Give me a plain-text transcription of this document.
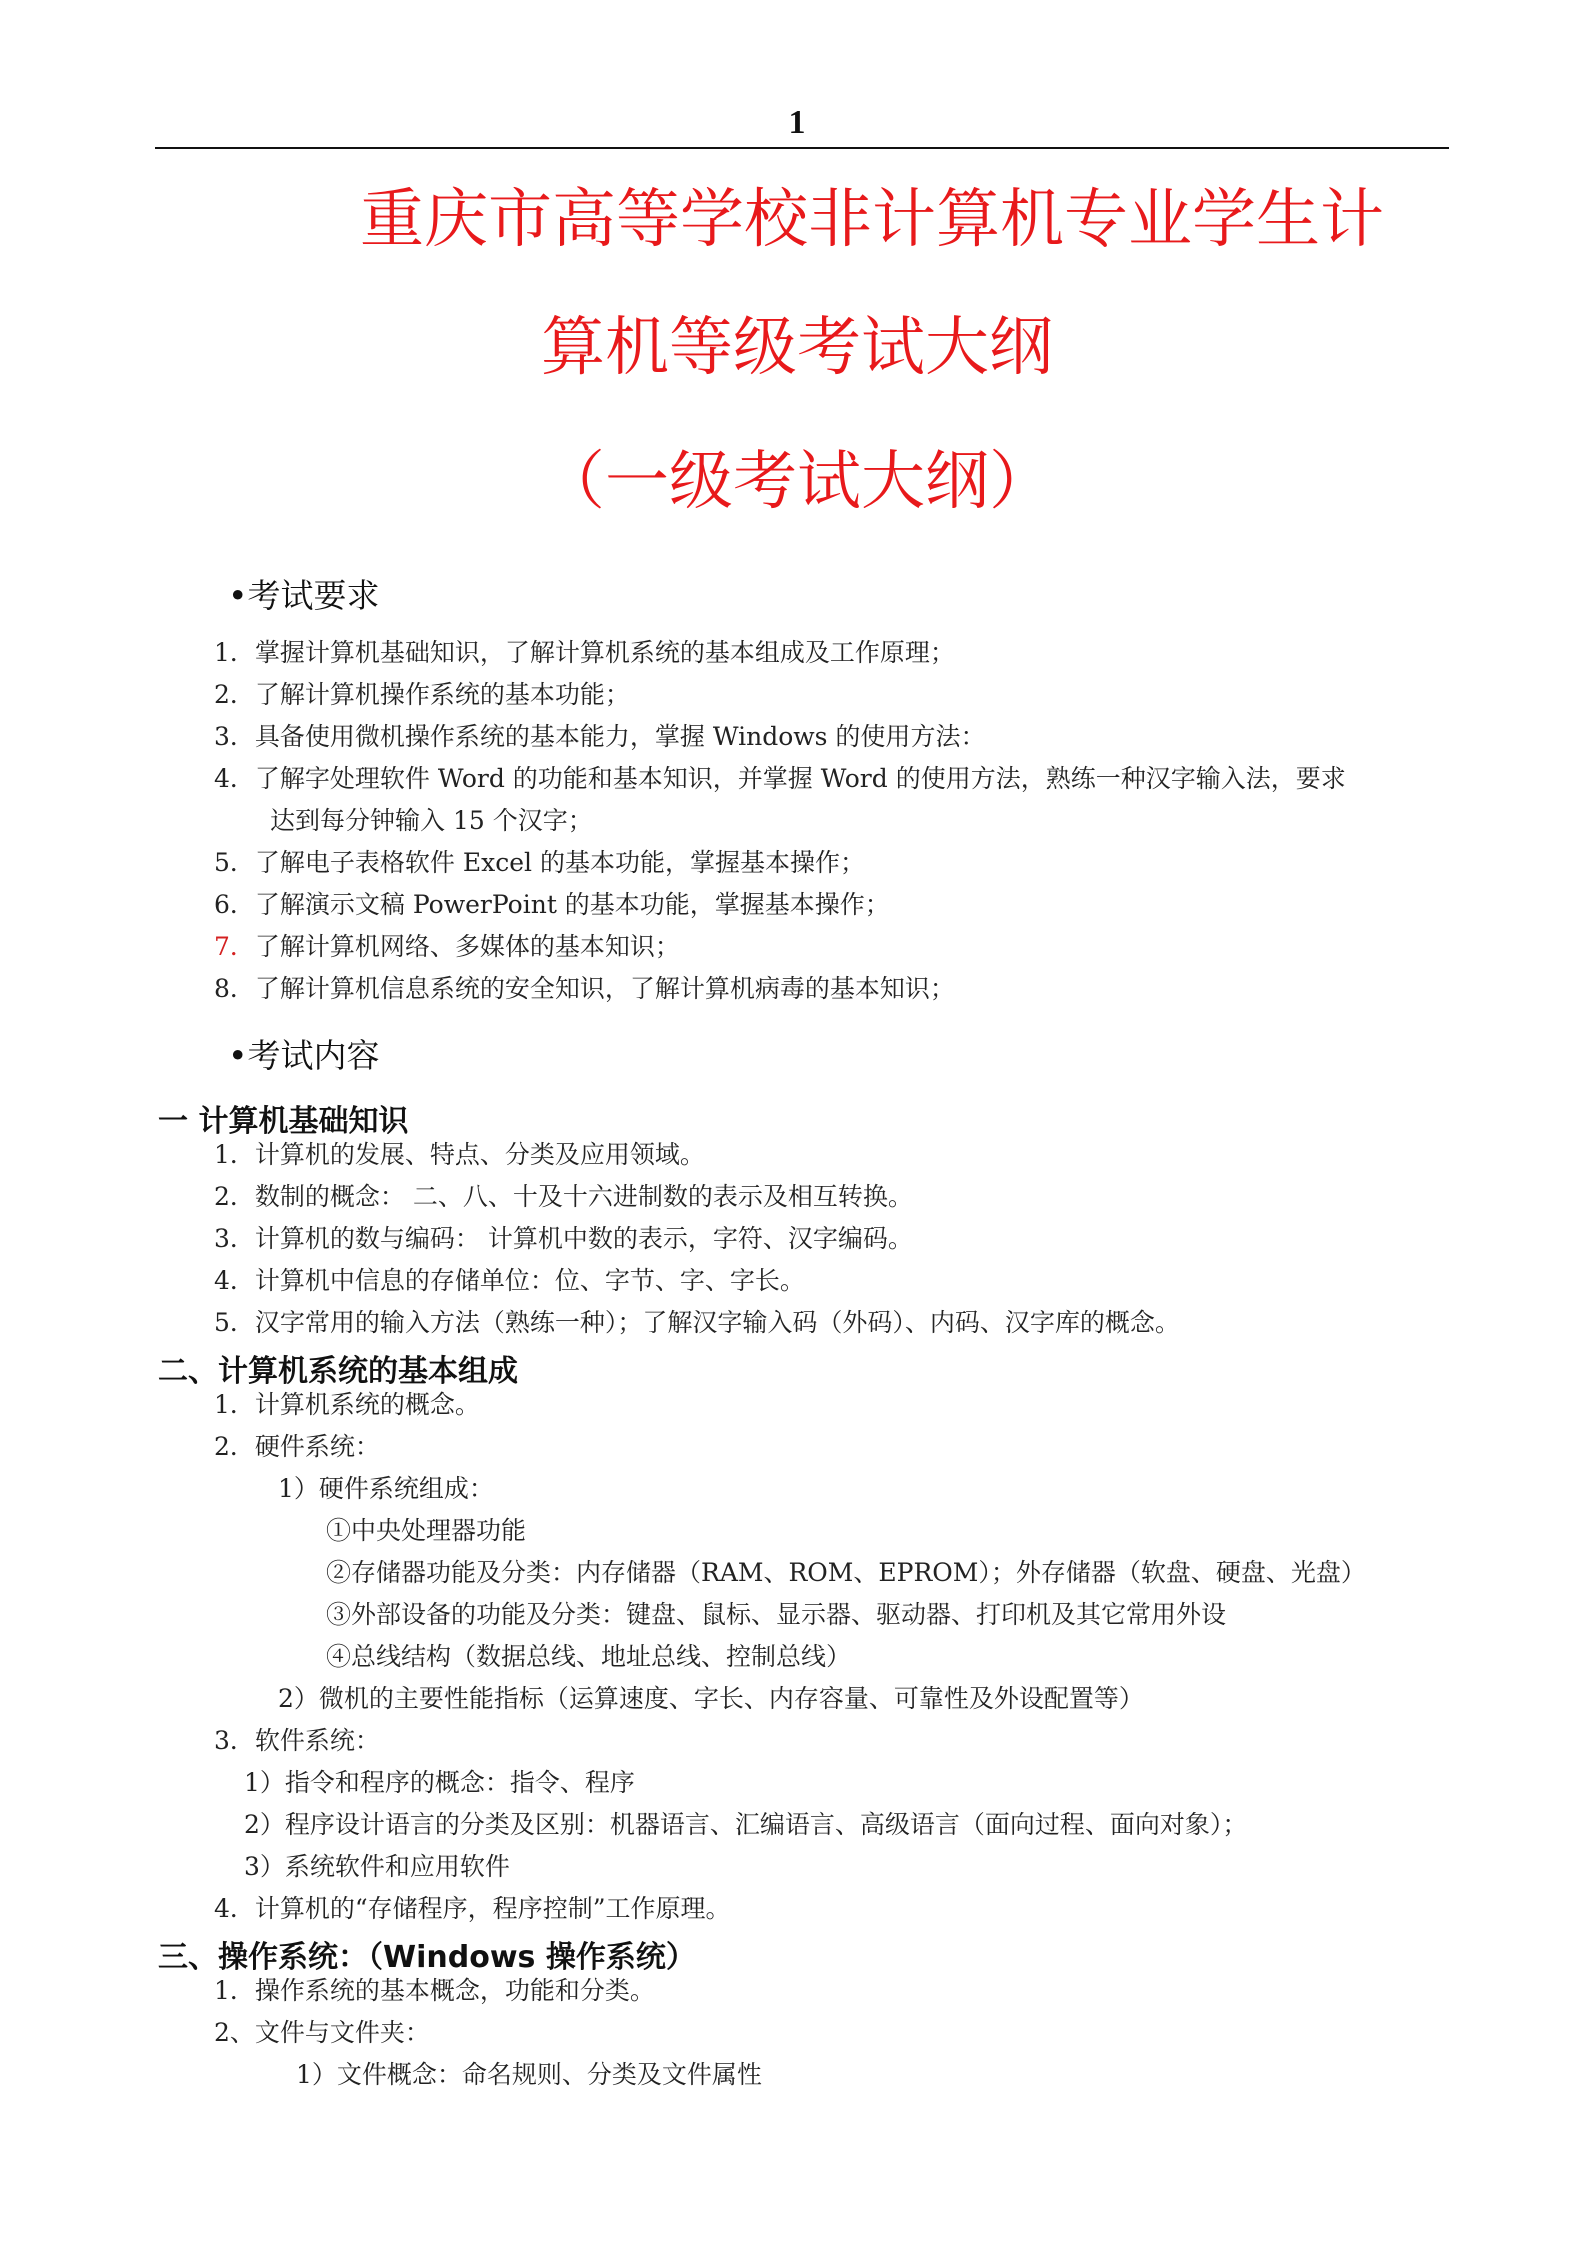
1
重庆市高等学校非计算机专业学生计
算机等级考试大纲
（一级考试大纲）
•考试要求
1．掌握计算机基础知识，了解计算机系统的基本组成及工作原理；
2．了解计算机操作系统的基本功能；
3．具备使用微机操作系统的基本能力，掌握 Windows 的使用方法：
4．了解字处理软件 Word 的功能和基本知识，并掌握 Word 的使用方法，熟练一种汉字输入法，要求
达到每分钟输入 15 个汉字；
5．了解电子表格软件 Excel 的基本功能，掌握基本操作；
6．了解演示文稿 PowerPoint 的基本功能，掌握基本操作；
7．了解计算机网络、多媒体的基本知识；
8．了解计算机信息系统的安全知识，了解计算机病毒的基本知识；
•考试内容
一 计算机基础知识
1．计算机的发展、特点、分类及应用领域。
2．数制的概念： 二、八、十及十六进制数的表示及相互转换。
3．计算机的数与编码： 计算机中数的表示，字符、汉字编码。
4．计算机中信息的存储单位：位、字节、字、字长。
5．汉字常用的输入方法（熟练一种）；了解汉字输入码（外码）、内码、汉字库的概念。
二、计算机系统的基本组成
1．计算机系统的概念。
2．硬件系统：
1）硬件系统组成：
①中央处理器功能
②存储器功能及分类：内存储器（RAM、ROM、EPROM）；外存储器（软盘、硬盘、光盘）
③外部设备的功能及分类：键盘、鼠标、显示器、驱动器、打印机及其它常用外设
④总线结构（数据总线、地址总线、控制总线）
2）微机的主要性能指标（运算速度、字长、内存容量、可靠性及外设配置等）
3．软件系统：
1）指令和程序的概念：指令、程序
2）程序设计语言的分类及区别：机器语言、汇编语言、高级语言（面向过程、面向对象）；
3）系统软件和应用软件
4．计算机的“存储程序，程序控制”工作原理。
三、操作系统：（Windows 操作系统）
1．操作系统的基本概念，功能和分类。
2、文件与文件夹：
1）文件概念：命名规则、分类及文件属性
